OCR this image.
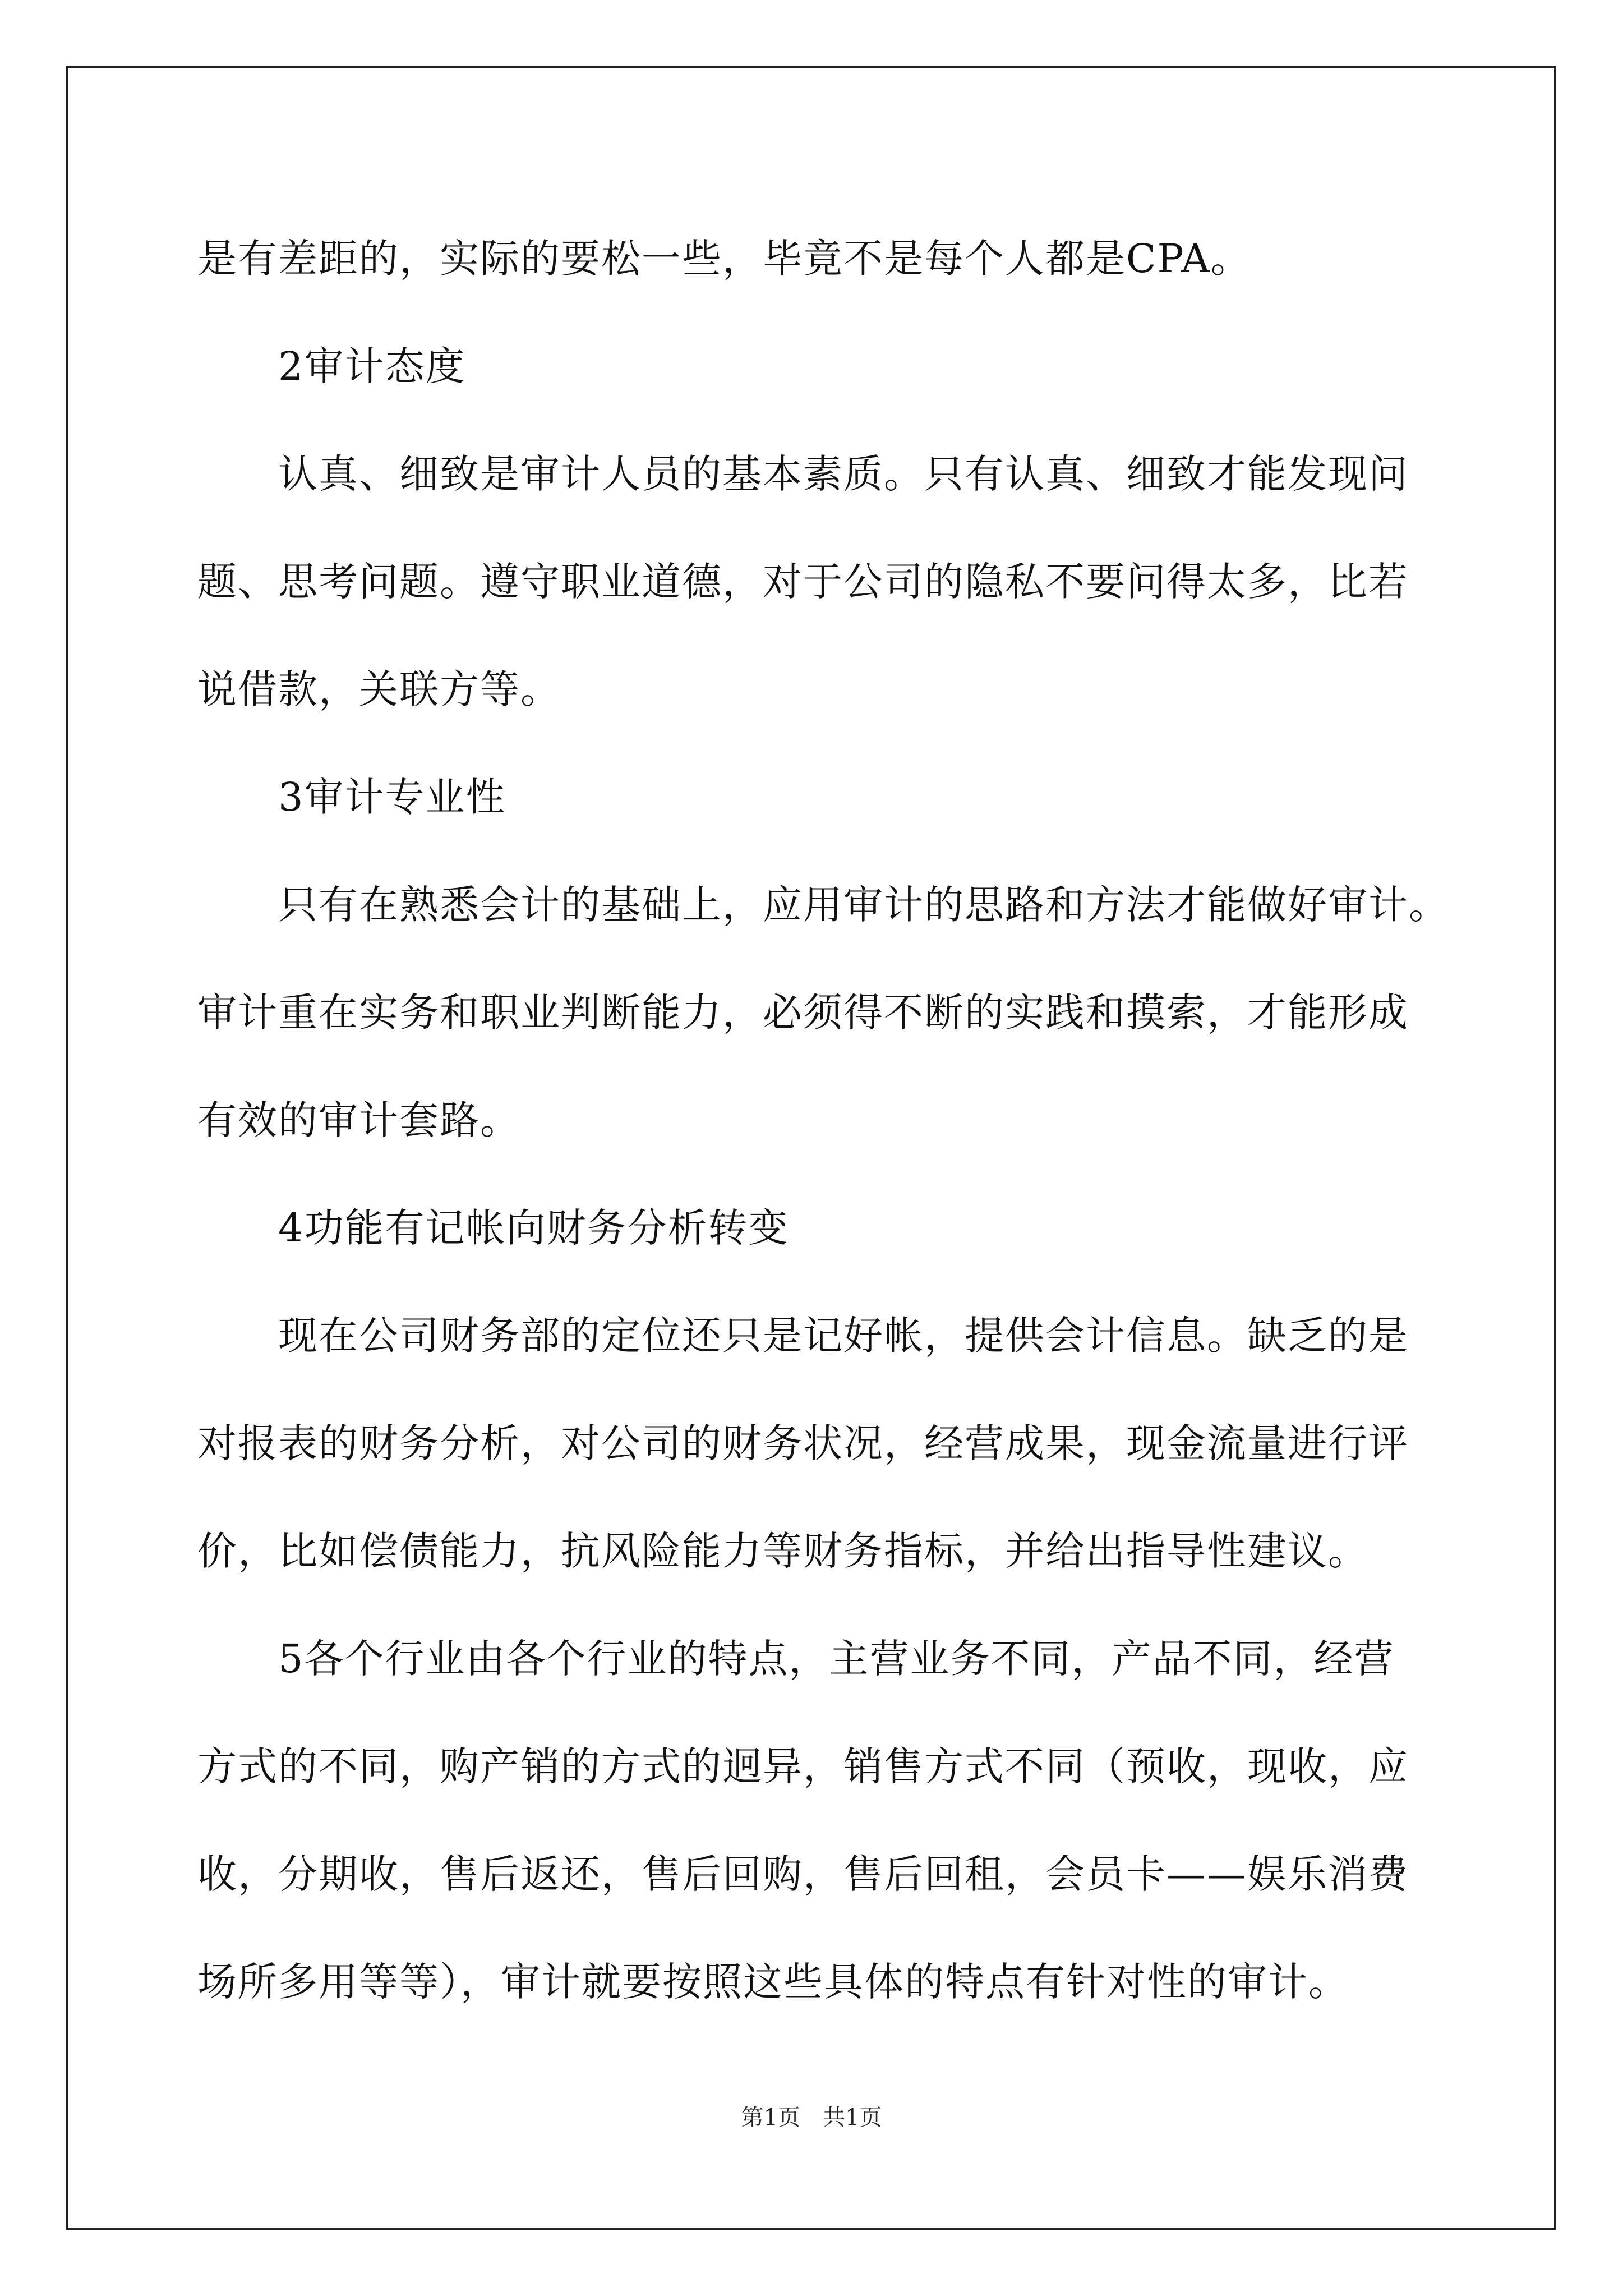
是有差距的，实际的要松一些，毕竟不是每个人都是CPA。

　　2审计态度

　　认真、细致是审计人员的基本素质。只有认真、细致才能发现问

题、思考问题。遵守职业道德，对于公司的隐私不要问得太多，比若

说借款，关联方等。

　　3审计专业性

　　只有在熟悉会计的基础上，应用审计的思路和方法才能做好审计。

审计重在实务和职业判断能力，必须得不断的实践和摸索，才能形成

有效的审计套路。

　　4功能有记帐向财务分析转变

　　现在公司财务部的定位还只是记好帐，提供会计信息。缺乏的是

对报表的财务分析，对公司的财务状况，经营成果，现金流量进行评

价，比如偿债能力，抗风险能力等财务指标，并给出指导性建议。

　　5各个行业由各个行业的特点，主营业务不同，产品不同，经营

方式的不同，购产销的方式的迥异，销售方式不同（预收，现收，应

收，分期收，售后返还，售后回购，售后回租，会员卡——娱乐消费

场所多用等等），审计就要按照这些具体的特点有针对性的审计。

第1页　共1页
